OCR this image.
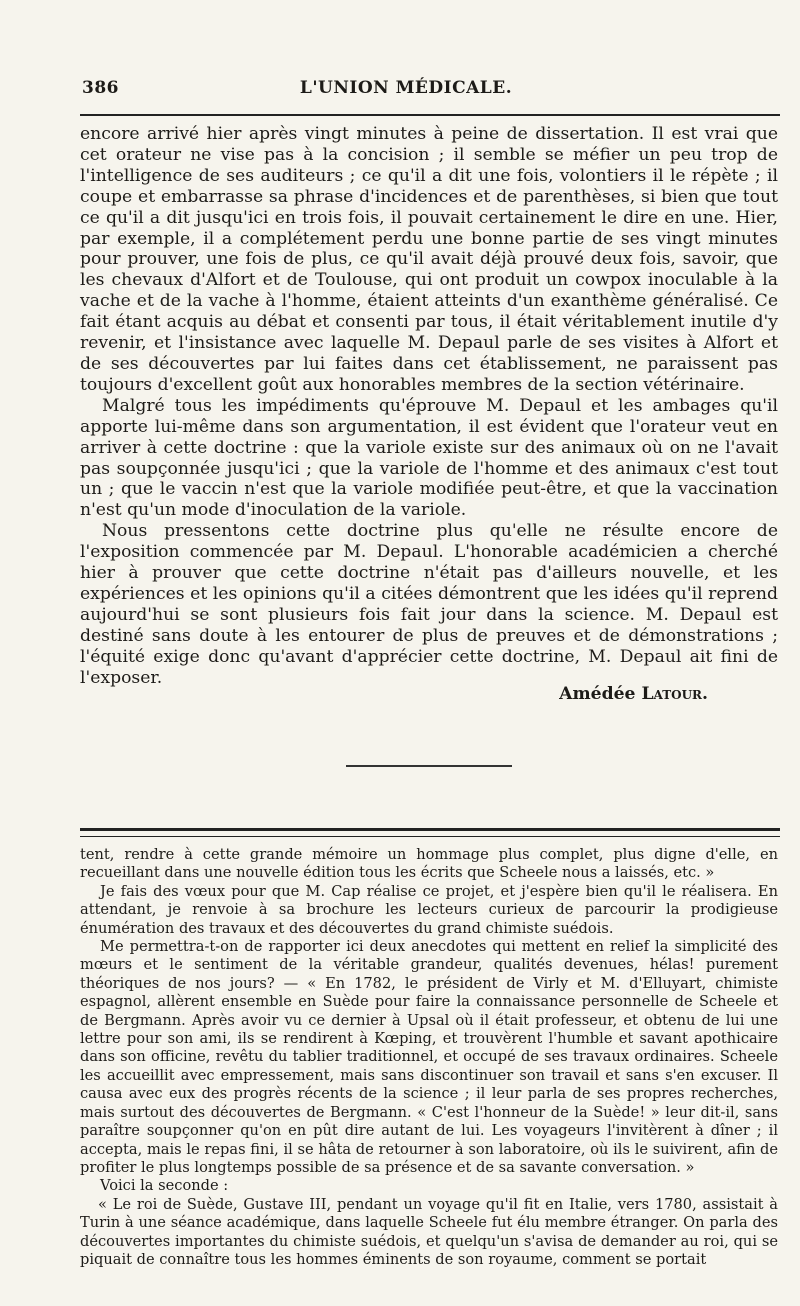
386	L'UNION MÉDICALE.

encore arrivé hier après vingt minutes à peine de dissertation. Il est vrai que cet orateur ne vise pas à la concision ; il semble se méfier un peu trop de l'intelligence de ses auditeurs ; ce qu'il a dit une fois, volontiers il le répète ; il coupe et embarrasse sa phrase d'incidences et de parenthèses, si bien que tout ce qu'il a dit jusqu'ici en trois fois, il pouvait certainement le dire en une. Hier, par exemple, il a complétement perdu une bonne partie de ses vingt minutes pour prouver, une fois de plus, ce qu'il avait déjà prouvé deux fois, savoir, que les chevaux d'Alfort et de Toulouse, qui ont produit un cowpox inoculable à la vache et de la vache à l'homme, étaient atteints d'un exanthème généralisé. Ce fait étant acquis au débat et consenti par tous, il était véritablement inutile d'y revenir, et l'insistance avec laquelle M. Depaul parle de ses visites à Alfort et de ses découvertes par lui faites dans cet établissement, ne paraissent pas toujours d'excellent goût aux honorables membres de la section vétérinaire.

Malgré tous les impédiments qu'éprouve M. Depaul et les ambages qu'il apporte lui-même dans son argumentation, il est évident que l'orateur veut en arriver à cette doctrine : que la variole existe sur des animaux où on ne l'avait pas soupçonnée jusqu'ici ; que la variole de l'homme et des animaux c'est tout un ; que le vaccin n'est que la variole modifiée peut-être, et que la vaccination n'est qu'un mode d'inoculation de la variole.

Nous pressentons cette doctrine plus qu'elle ne résulte encore de l'exposition commencée par M. Depaul. L'honorable académicien a cherché hier à prouver que cette doctrine n'était pas d'ailleurs nouvelle, et les expériences et les opinions qu'il a citées démontrent que les idées qu'il reprend aujourd'hui se sont plusieurs fois fait jour dans la science. M. Depaul est destiné sans doute à les entourer de plus de preuves et de démonstrations ; l'équité exige donc qu'avant d'apprécier cette doctrine, M. Depaul ait fini de l'exposer.

Amédée Latour.

tent, rendre à cette grande mémoire un hommage plus complet, plus digne d'elle, en recueillant dans une nouvelle édition tous les écrits que Scheele nous a laissés, etc. »

Je fais des vœux pour que M. Cap réalise ce projet, et j'espère bien qu'il le réalisera. En attendant, je renvoie à sa brochure les lecteurs curieux de parcourir la prodigieuse énumération des travaux et des découvertes du grand chimiste suédois.

Me permettra-t-on de rapporter ici deux anecdotes qui mettent en relief la simplicité des mœurs et le sentiment de la véritable grandeur, qualités devenues, hélas! purement théoriques de nos jours? — « En 1782, le président de Virly et M. d'Elluyart, chimiste espagnol, allèrent ensemble en Suède pour faire la connaissance personnelle de Scheele et de Bergmann. Après avoir vu ce dernier à Upsal où il était professeur, et obtenu de lui une lettre pour son ami, ils se rendirent à Kœping, et trouvèrent l'humble et savant apothicaire dans son officine, revêtu du tablier traditionnel, et occupé de ses travaux ordinaires. Scheele les accueillit avec empressement, mais sans discontinuer son travail et sans s'en excuser. Il causa avec eux des progrès récents de la science ; il leur parla de ses propres recherches, mais surtout des découvertes de Bergmann. « C'est l'honneur de la Suède! » leur dit-il, sans paraître soupçonner qu'on en pût dire autant de lui. Les voyageurs l'invitèrent à dîner ; il accepta, mais le repas fini, il se hâta de retourner à son laboratoire, où ils le suivirent, afin de profiter le plus longtemps possible de sa présence et de sa savante conversation. »

Voici la seconde :

« Le roi de Suède, Gustave III, pendant un voyage qu'il fit en Italie, vers 1780, assistait à Turin à une séance académique, dans laquelle Scheele fut élu membre étranger. On parla des découvertes importantes du chimiste suédois, et quelqu'un s'avisa de demander au roi, qui se piquait de connaître tous les hommes éminents de son royaume, comment se portait
